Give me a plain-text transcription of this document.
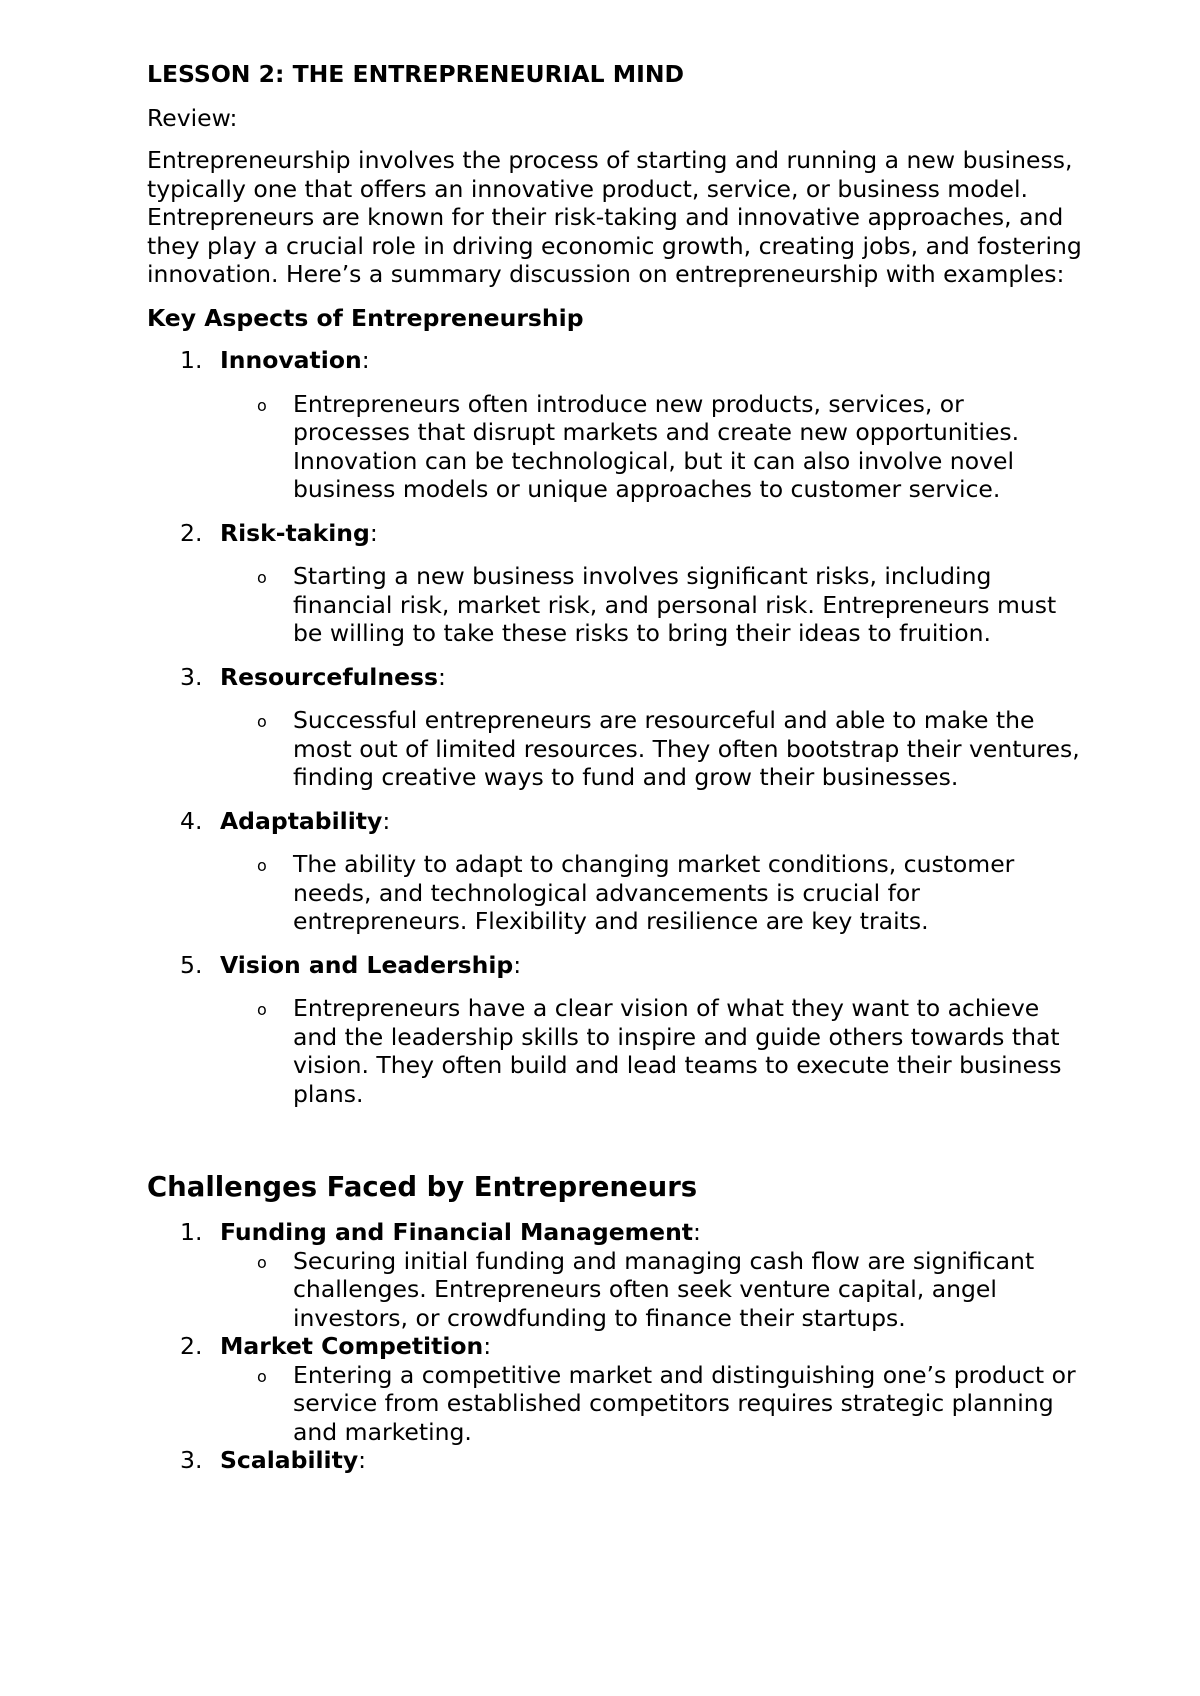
LESSON 2: THE ENTREPRENEURIAL MIND
Review:
Entrepreneurship involves the process of starting and running a new business, typically one that offers an innovative product, service, or business model. Entrepreneurs are known for their risk-taking and innovative approaches, and they play a crucial role in driving economic growth, creating jobs, and fostering innovation. Here’s a summary discussion on entrepreneurship with examples:
Key Aspects of Entrepreneurship
1. Innovation:
o Entrepreneurs often introduce new products, services, or processes that disrupt markets and create new opportunities. Innovation can be technological, but it can also involve novel business models or unique approaches to customer service.
2. Risk-taking:
o Starting a new business involves significant risks, including financial risk, market risk, and personal risk. Entrepreneurs must be willing to take these risks to bring their ideas to fruition.
3. Resourcefulness:
o Successful entrepreneurs are resourceful and able to make the most out of limited resources. They often bootstrap their ventures, finding creative ways to fund and grow their businesses.
4. Adaptability:
o The ability to adapt to changing market conditions, customer needs, and technological advancements is crucial for entrepreneurs. Flexibility and resilience are key traits.
5. Vision and Leadership:
o Entrepreneurs have a clear vision of what they want to achieve and the leadership skills to inspire and guide others towards that vision. They often build and lead teams to execute their business plans.
Challenges Faced by Entrepreneurs
1. Funding and Financial Management:
o Securing initial funding and managing cash flow are significant challenges. Entrepreneurs often seek venture capital, angel investors, or crowdfunding to finance their startups.
2. Market Competition:
o Entering a competitive market and distinguishing one’s product or service from established competitors requires strategic planning and marketing.
3. Scalability:
